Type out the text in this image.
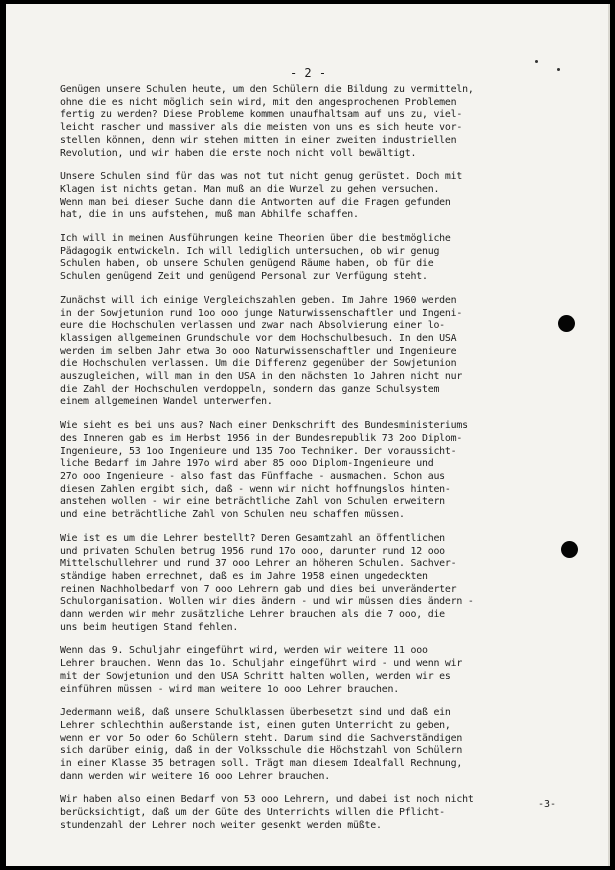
- 2 -
Genügen unsere Schulen heute, um den Schülern die Bildung zu vermitteln,
ohne die es nicht möglich sein wird, mit den angesprochenen Problemen
fertig zu werden? Diese Probleme kommen unaufhaltsam auf uns zu, viel-
leicht rascher und massiver als die meisten von uns es sich heute vor-
stellen können, denn wir stehen mitten in einer zweiten industriellen
Revolution, und wir haben die erste noch nicht voll bewältigt.
Unsere Schulen sind für das was not tut nicht genug gerüstet. Doch mit
Klagen ist nichts getan. Man muß an die Wurzel zu gehen versuchen.
Wenn man bei dieser Suche dann die Antworten auf die Fragen gefunden
hat, die in uns aufstehen, muß man Abhilfe schaffen.
Ich will in meinen Ausführungen keine Theorien über die bestmögliche
Pädagogik entwickeln. Ich will lediglich untersuchen, ob wir genug
Schulen haben, ob unsere Schulen genügend Räume haben, ob für die
Schulen genügend Zeit und genügend Personal zur Verfügung steht.
Zunächst will ich einige Vergleichszahlen geben. Im Jahre 1960 werden
in der Sowjetunion rund 1oo ooo junge Naturwissenschaftler und Ingeni-
eure die Hochschulen verlassen und zwar nach Absolvierung einer lo-
klassigen allgemeinen Grundschule vor dem Hochschulbesuch. In den USA
werden im selben Jahr etwa 3o ooo Naturwissenschaftler und Ingenieure
die Hochschulen verlassen. Um die Differenz gegenüber der Sowjetunion
auszugleichen, will man in den USA in den nächsten 1o Jahren nicht nur
die Zahl der Hochschulen verdoppeln, sondern das ganze Schulsystem
einem allgemeinen Wandel unterwerfen.
Wie sieht es bei uns aus? Nach einer Denkschrift des Bundesministeriums
des Inneren gab es im Herbst 1956 in der Bundesrepublik 73 2oo Diplom-
Ingenieure, 53 1oo Ingenieure und 135 7oo Techniker. Der voraussicht-
liche Bedarf im Jahre 197o wird aber 85 ooo Diplom-Ingenieure und
27o ooo Ingenieure - also fast das Fünffache - ausmachen. Schon aus
diesen Zahlen ergibt sich, daß - wenn wir nicht hoffnungslos hinten-
anstehen wollen - wir eine beträchtliche Zahl von Schulen erweitern
und eine beträchtliche Zahl von Schulen neu schaffen müssen.
Wie ist es um die Lehrer bestellt? Deren Gesamtzahl an öffentlichen
und privaten Schulen betrug 1956 rund 17o ooo, darunter rund 12 ooo
Mittelschullehrer und rund 37 ooo Lehrer an höheren Schulen. Sachver-
ständige haben errechnet, daß es im Jahre 1958 einen ungedeckten
reinen Nachholbedarf von 7 ooo Lehrern gab und dies bei unveränderter
Schulorganisation. Wollen wir dies ändern - und wir müssen dies ändern -
dann werden wir mehr zusätzliche Lehrer brauchen als die 7 ooo, die
uns beim heutigen Stand fehlen.
Wenn das 9. Schuljahr eingeführt wird, werden wir weitere 11 ooo
Lehrer brauchen. Wenn das 1o. Schuljahr eingeführt wird - und wenn wir
mit der Sowjetunion und den USA Schritt halten wollen, werden wir es
einführen müssen - wird man weitere 1o ooo Lehrer brauchen.
Jedermann weiß, daß unsere Schulklassen überbesetzt sind und daß ein
Lehrer schlechthin außerstande ist, einen guten Unterricht zu geben,
wenn er vor 5o oder 6o Schülern steht. Darum sind die Sachverständigen
sich darüber einig, daß in der Volksschule die Höchstzahl von Schülern
in einer Klasse 35 betragen soll. Trägt man diesem Idealfall Rechnung,
dann werden wir weitere 16 ooo Lehrer brauchen.
Wir haben also einen Bedarf von 53 ooo Lehrern, und dabei ist noch nicht
berücksichtigt, daß um der Güte des Unterrichts willen die Pflicht-
stundenzahl der Lehrer noch weiter gesenkt werden müßte.
-3-
